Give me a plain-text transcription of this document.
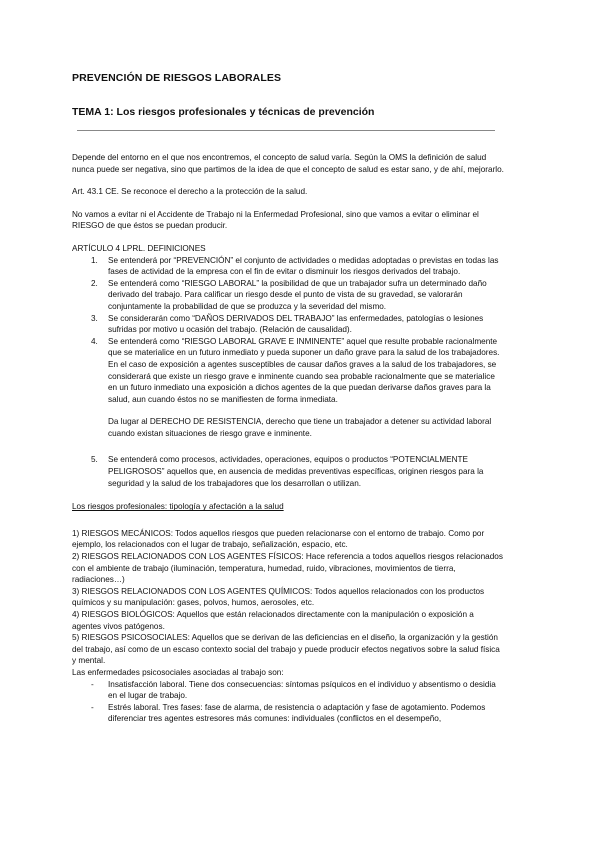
PREVENCIÓN DE RIESGOS LABORALES
TEMA 1: Los riesgos profesionales y técnicas de prevención

Depende del entorno en el que nos encontremos, el concepto de salud varía. Según la OMS la definición de salud nunca puede ser negativa, sino que partimos de la idea de que el concepto de salud es estar sano, y de ahí, mejorarlo.

Art. 43.1 CE. Se reconoce el derecho a la protección de la salud.

No vamos a evitar ni el Accidente de Trabajo ni la Enfermedad Profesional, sino que vamos a evitar o eliminar el RIESGO de que éstos se puedan producir.

ARTÍCULO 4 LPRL. DEFINICIONES

1. Se entenderá por “PREVENCIÓN” el conjunto de actividades o medidas adoptadas o previstas en todas las fases de actividad de la empresa con el fin de evitar o disminuir los riesgos derivados del trabajo.
2. Se entenderá como “RIESGO LABORAL” la posibilidad de que un trabajador sufra un determinado daño derivado del trabajo. Para calificar un riesgo desde el punto de vista de su gravedad, se valorarán conjuntamente la probabilidad de que se produzca y la severidad del mismo.
3. Se considerarán como “DAÑOS DERIVADOS DEL TRABAJO” las enfermedades, patologías o lesiones sufridas por motivo u ocasión del trabajo. (Relación de causalidad).
4. Se entenderá como “RIESGO LABORAL GRAVE E INMINENTE” aquel que resulte probable racionalmente que se materialice en un futuro inmediato y pueda suponer un daño grave para la salud de los trabajadores.

En el caso de exposición a agentes susceptibles de causar daños graves a la salud de los trabajadores, se considerará que existe un riesgo grave e inminente cuando sea probable racionalmente que se materialice en un futuro inmediato una exposición a dichos agentes de la que puedan derivarse daños graves para la salud, aun cuando éstos no se manifiesten de forma inmediata.

Da lugar al DERECHO DE RESISTENCIA, derecho que tiene un trabajador a detener su actividad laboral cuando existan situaciones de riesgo grave e inminente.

5. Se entenderá como procesos, actividades, operaciones, equipos o productos “POTENCIALMENTE PELIGROSOS” aquellos que, en ausencia de medidas preventivas específicas, originen riesgos para la seguridad y la salud de los trabajadores que los desarrollan o utilizan.

Los riesgos profesionales: tipología y afectación a la salud

1) RIESGOS MECÁNICOS: Todos aquellos riesgos que pueden relacionarse con el entorno de trabajo. Como por ejemplo, los relacionados con el lugar de trabajo, señalización, espacio, etc.

2) RIESGOS RELACIONADOS CON LOS AGENTES FÍSICOS: Hace referencia a todos aquellos riesgos relacionados con el ambiente de trabajo (iluminación, temperatura, humedad, ruido, vibraciones, movimientos de tierra, radiaciones…)

3) RIESGOS RELACIONADOS CON LOS AGENTES QUÍMICOS: Todos aquellos relacionados con los productos químicos y su manipulación: gases, polvos, humos, aerosoles, etc.

4) RIESGOS BIOLÓGICOS: Aquellos que están relacionados directamente con la manipulación o exposición a agentes vivos patógenos.

5) RIESGOS PSICOSOCIALES: Aquellos que se derivan de las deficiencias en el diseño, la organización y la gestión del trabajo, así como de un escaso contexto social del trabajo y puede producir efectos negativos sobre la salud física y mental.

Las enfermedades psicosociales asociadas al trabajo son:

- Insatisfacción laboral. Tiene dos consecuencias: síntomas psíquicos en el individuo y absentismo o desidia en el lugar de trabajo.
- Estrés laboral. Tres fases: fase de alarma, de resistencia o adaptación y fase de agotamiento. Podemos diferenciar tres agentes estresores más comunes: individuales (conflictos en el desempeño,
